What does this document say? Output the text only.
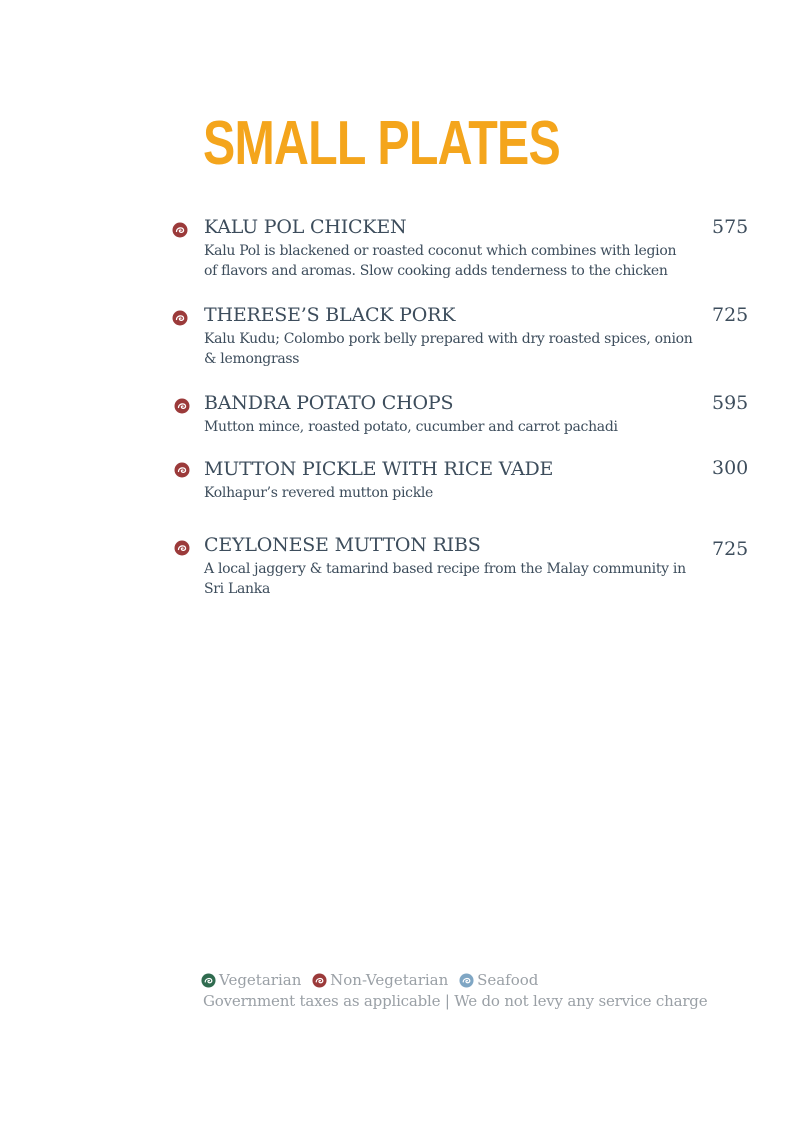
SMALL PLATES
KALU POL CHICKEN	575
Kalu Pol is blackened or roasted coconut which combines with legion
of flavors and aromas. Slow cooking adds tenderness to the chicken
THERESE’S BLACK PORK	725
Kalu Kudu; Colombo pork belly prepared with dry roasted spices, onion
& lemongrass
BANDRA POTATO CHOPS	595
Mutton mince, roasted potato, cucumber and carrot pachadi
MUTTON PICKLE WITH RICE VADE	300
Kolhapur’s revered mutton pickle
CEYLONESE MUTTON RIBS	725
A local jaggery & tamarind based recipe from the Malay community in
Sri Lanka
Vegetarian
Non-Vegetarian
Seafood
Government taxes as applicable | We do not levy any service charge
